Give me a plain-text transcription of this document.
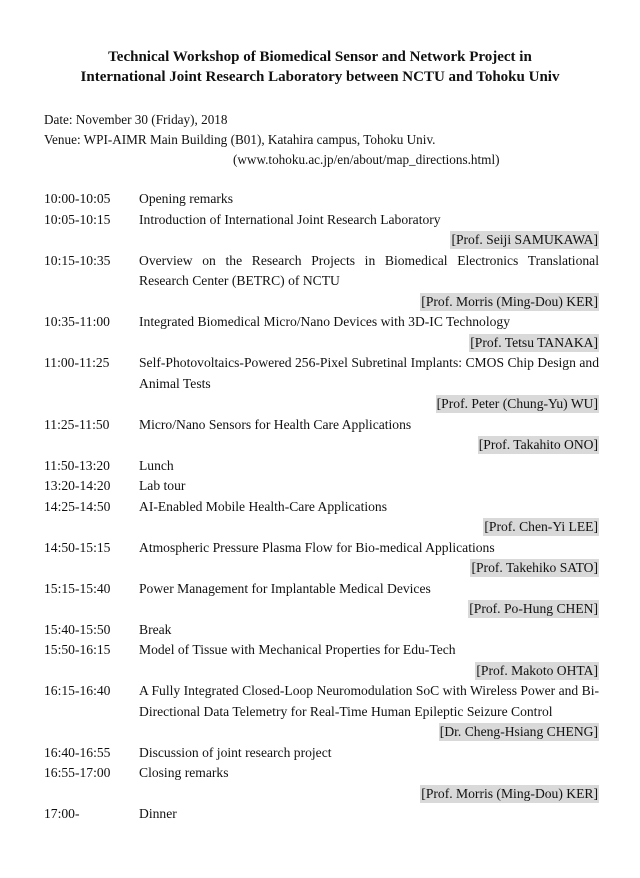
Technical Workshop of Biomedical Sensor and Network Project in
International Joint Research Laboratory between NCTU and Tohoku Univ
Date: November 30 (Friday), 2018
Venue: WPI-AIMR Main Building (B01), Katahira campus, Tohoku Univ.
(www.tohoku.ac.jp/en/about/map_directions.html)
10:00-10:05	Opening remarks
10:05-10:15	Introduction of International Joint Research Laboratory
[Prof. Seiji SAMUKAWA]
10:15-10:35	Overview on the Research Projects in Biomedical Electronics Translational Research Center (BETRC) of NCTU
[Prof. Morris (Ming-Dou) KER]
10:35-11:00	Integrated Biomedical Micro/Nano Devices with 3D-IC Technology
[Prof. Tetsu TANAKA]
11:00-11:25	Self-Photovoltaics-Powered 256-Pixel Subretinal Implants: CMOS Chip Design and Animal Tests
[Prof. Peter (Chung-Yu) WU]
11:25-11:50	Micro/Nano Sensors for Health Care Applications
[Prof. Takahito ONO]
11:50-13:20	Lunch
13:20-14:20	Lab tour
14:25-14:50	AI-Enabled Mobile Health-Care Applications
[Prof. Chen-Yi LEE]
14:50-15:15	Atmospheric Pressure Plasma Flow for Bio-medical Applications
[Prof. Takehiko SATO]
15:15-15:40	Power Management for Implantable Medical Devices
[Prof. Po-Hung CHEN]
15:40-15:50	Break
15:50-16:15	Model of Tissue with Mechanical Properties for Edu-Tech
[Prof. Makoto OHTA]
16:15-16:40	A Fully Integrated Closed-Loop Neuromodulation SoC with Wireless Power and Bi-Directional Data Telemetry for Real-Time Human Epileptic Seizure Control
[Dr. Cheng-Hsiang CHENG]
16:40-16:55	Discussion of joint research project
16:55-17:00	Closing remarks
[Prof. Morris (Ming-Dou) KER]
17:00-	Dinner
